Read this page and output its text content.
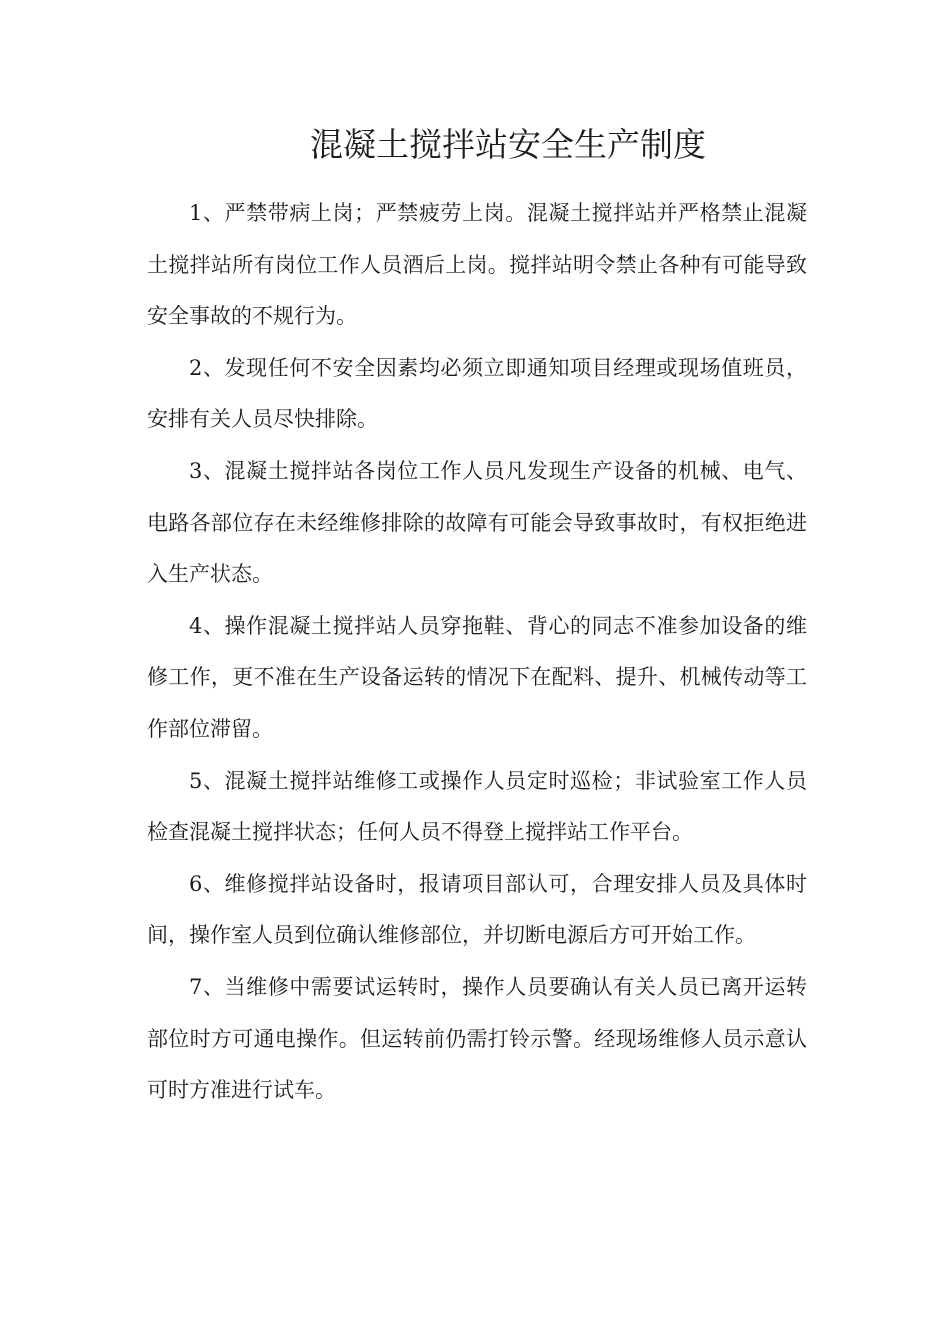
混凝土搅拌站安全生产制度

1、严禁带病上岗；严禁疲劳上岗。混凝土搅拌站并严格禁止混凝土搅拌站所有岗位工作人员酒后上岗。搅拌站明令禁止各种有可能导致安全事故的不规行为。

2、发现任何不安全因素均必须立即通知项目经理或现场值班员，安排有关人员尽快排除。

3、混凝土搅拌站各岗位工作人员凡发现生产设备的机械、电气、电路各部位存在未经维修排除的故障有可能会导致事故时，有权拒绝进入生产状态。

4、操作混凝土搅拌站人员穿拖鞋、背心的同志不准参加设备的维修工作，更不准在生产设备运转的情况下在配料、提升、机械传动等工作部位滞留。

5、混凝土搅拌站维修工或操作人员定时巡检；非试验室工作人员检查混凝土搅拌状态；任何人员不得登上搅拌站工作平台。

6、维修搅拌站设备时，报请项目部认可，合理安排人员及具体时间，操作室人员到位确认维修部位，并切断电源后方可开始工作。

7、当维修中需要试运转时，操作人员要确认有关人员已离开运转部位时方可通电操作。但运转前仍需打铃示警。经现场维修人员示意认可时方准进行试车。
